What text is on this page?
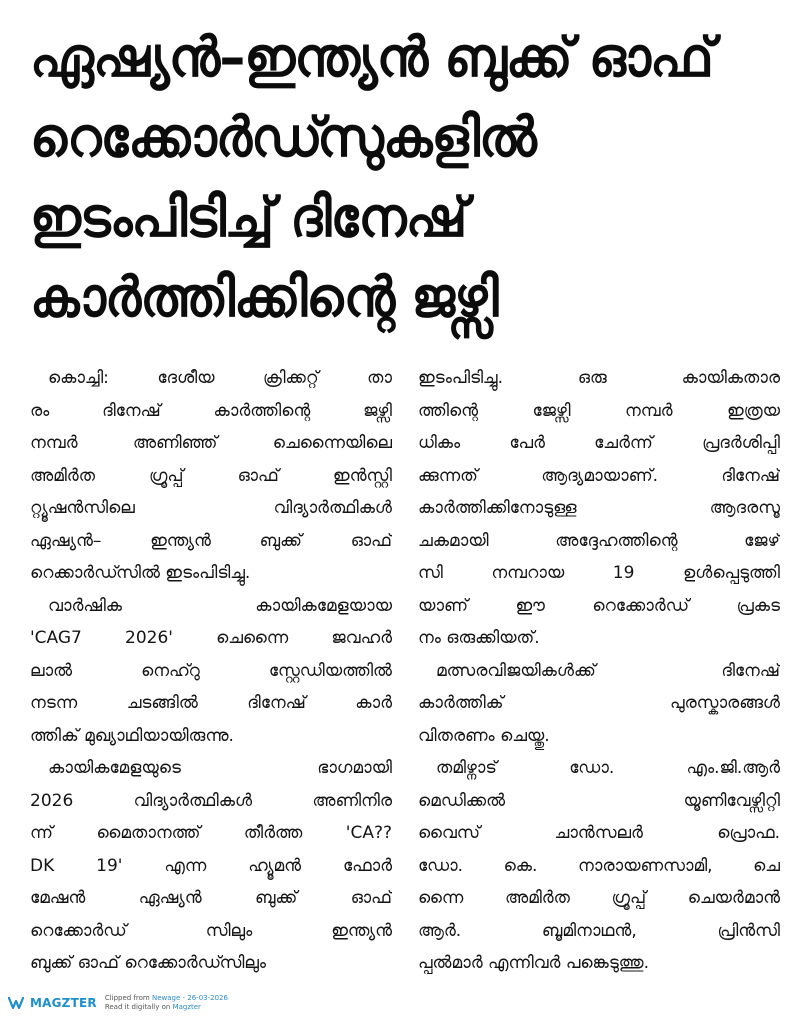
ഏഷ്യൻ–ഇന്ത്യൻ ബുക്ക് ഓഫ്
റെക്കോർഡ്സുകളിൽ
ഇടംപിടിച്ച് ദിനേഷ്
കാർത്തിക്കിന്റെ ജഴ്സി

കൊച്ചി: ദേശീയ ക്രിക്കറ്റ് താ
രം ദിനേഷ് കാർത്തിന്റെ ജഴ്സി
നമ്പർ അണിഞ്ഞ് ചെന്നൈയിലെ
അമിർത ഗ്രൂപ്പ് ഓഫ് ഇൻസ്റ്റി
റ്റ്യൂഷൻസിലെ വിദ്യാർത്ഥികൾ
ഏഷ്യൻ– ഇന്ത്യൻ ബുക്ക് ഓഫ്
റെക്കാർഡ്സിൽ ഇടംപിടിച്ചു.

വാർഷിക കായികമേളയായ
'CAG7 2026' ചെന്നൈ ജവഹർ
ലാൽ നെഹ്റു സ്റ്റേഡിയത്തിൽ
നടന്ന ചടങ്ങിൽ ദിനേഷ് കാർ
ത്തിക് മുഖ്യാഥിയായിരുന്നു.

കായികമേളയുടെ ഭാഗമായി
2026 വിദ്യാർത്ഥികൾ അണിനിര
ന്ന് മൈതാനത്ത് തീർത്ത 'CA??
DK 19' എന്ന ഹ്യൂമൻ ഫോർ
മേഷൻ ഏഷ്യൻ ബുക്ക് ഓഫ്
റെക്കോർഡ് സിലും ഇന്ത്യൻ
ബുക്ക് ഓഫ് റെക്കോർഡ്സിലും

ഇടംപിടിച്ചു. ഒരു കായികതാര
ത്തിന്റെ ജേഴ്സി നമ്പർ ഇത്രയ
ധികം പേർ ചേർന്ന് പ്രദർശിപ്പി
ക്കുന്നത് ആദ്യമായാണ്. ദിനേഷ്
കാർത്തിക്കിനോടുള്ള ആദരസൂ
ചകമായി അദ്ദേഹത്തിന്റെ ജേഴ്
സി നമ്പറായ 19 ഉൾപ്പെടുത്തി
യാണ് ഈ റെക്കോർഡ് പ്രകട
നം ഒരുക്കിയത്.

മത്സരവിജയികൾക്ക് ദിനേഷ്
കാർത്തിക് പുരസ്കാരങ്ങൾ
വിതരണം ചെയ്തു.

തമിഴ്നാട് ഡോ. എം.ജി.ആർ
മെഡിക്കൽ യൂണിവേഴ്സിറ്റി
വൈസ് ചാൻസലർ പ്രൊഫ.
ഡോ. കെ. നാരായണസാമി, ചെ
ന്നൈ അമിർത ഗ്രൂപ്പ് ചെയർമാൻ
ആർ. ബൂമിനാഥൻ, പ്രിൻസി
പ്പൽമാർ എന്നിവർ പങ്കെടുത്തു.

MAGZTER Clipped from Newage - 26-03-2026
Read it digitally on Magzter
